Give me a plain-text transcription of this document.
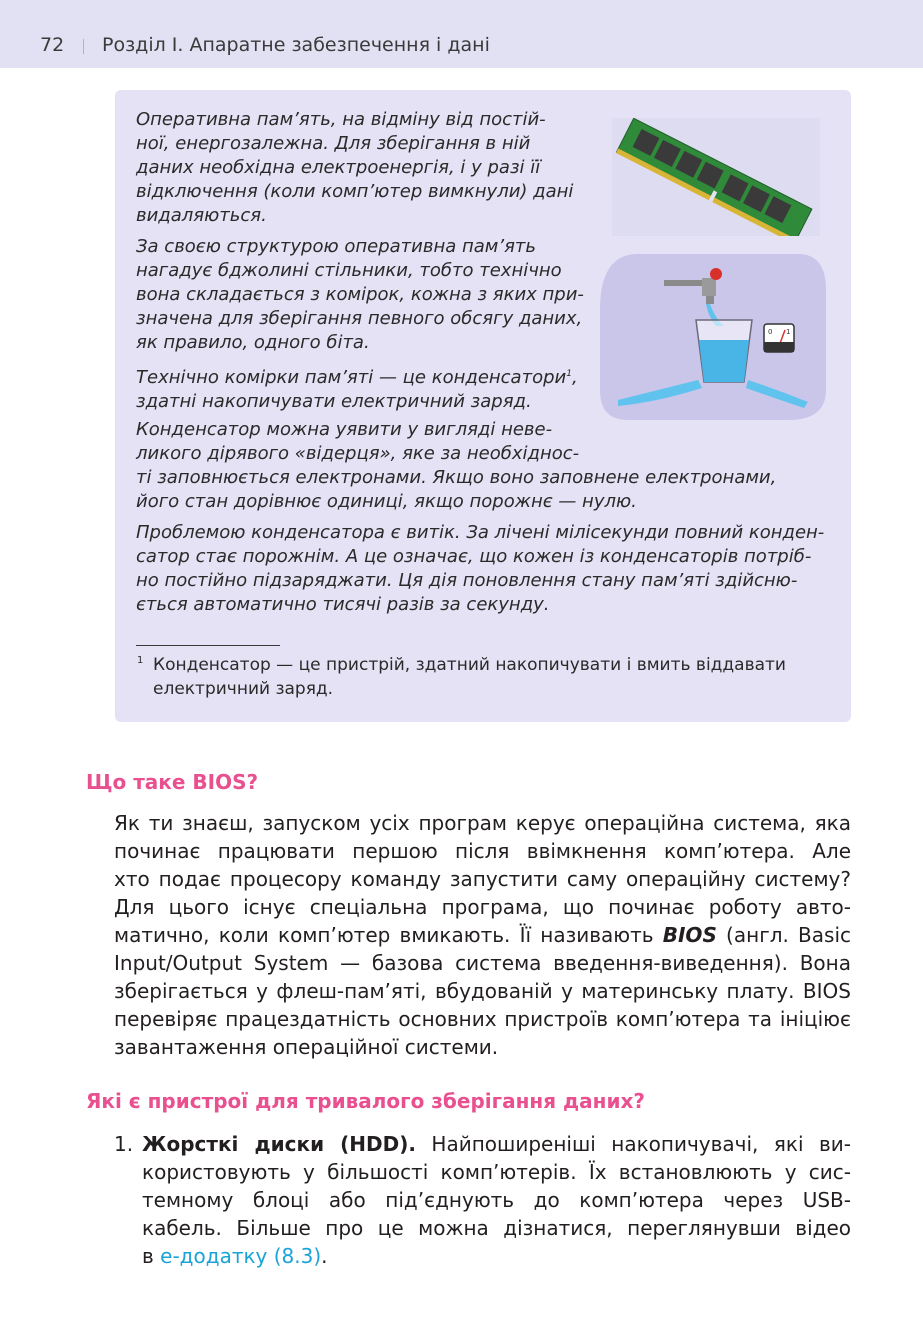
72 Розділ І. Апаратне забезпечення і дані
Оперативна пам’ять, на відміну від постій-
ної, енергозалежна. Для зберігання в ній
даних необхідна електроенергія, і у разі її
відключення (коли комп’ютер вимкнули) дані
видаляються.
За своєю структурою оперативна пам’ять
нагадує бджолині стільники, тобто технічно
вона складається з комірок, кожна з яких при-
значена для зберігання певного обсягу даних,
як правило, одного біта.
Технічно комірки пам’яті — це конденсатори$^1$,
здатні накопичувати електричний заряд.
Конденсатор можна уявити у вигляді неве-
ликого дірявого «відерця», яке за необхіднос-
ті заповнюється електронами. Якщо воно заповнене електронами,
його стан дорівнює одиниці, якщо порожнє — нулю.
Проблемою конденсатора є витік. За лічені мілісекунди повний конден-
сатор стає порожнім. А це означає, що кожен із конденсаторів потріб-
но постійно підзаряджати. Ця дія поновлення стану пам’яті здійсню-
ється автоматично тисячі разів за секунду.
1 Конденсатор — це пристрій, здатний накопичувати і вмить віддавати
електричний заряд.
0 1
Що таке BIOS?
Як ти знаєш, запуском усіх програм керує операційна система, яка
починає працювати першою після ввімкнення комп’ютера. Але
хто подає процесору команду запустити саму операційну систему?
Для цього існує спеціальна програма, що починає роботу авто-
матично, коли комп’ютер вмикають. Її називають BIOS (англ. Basic
Input/Output System — базова система введення-виведення). Вона
зберігається у флеш-пам’яті, вбудованій у материнську плату. BIOS
перевіряє працездатність основних пристроїв комп’ютера та ініціює
завантаження операційної системи.
Які є пристрої для тривалого зберігання даних?
1. Жорсткі диски (HDD). Найпоширеніші накопичувачі, які ви-
користовують у більшості комп’ютерів. Їх встановлюють у сис-
темному блоці або під’єднують до комп’ютера через USB-
кабель. Більше про це можна дізнатися, переглянувши відео
в е-додатку (8.3).
